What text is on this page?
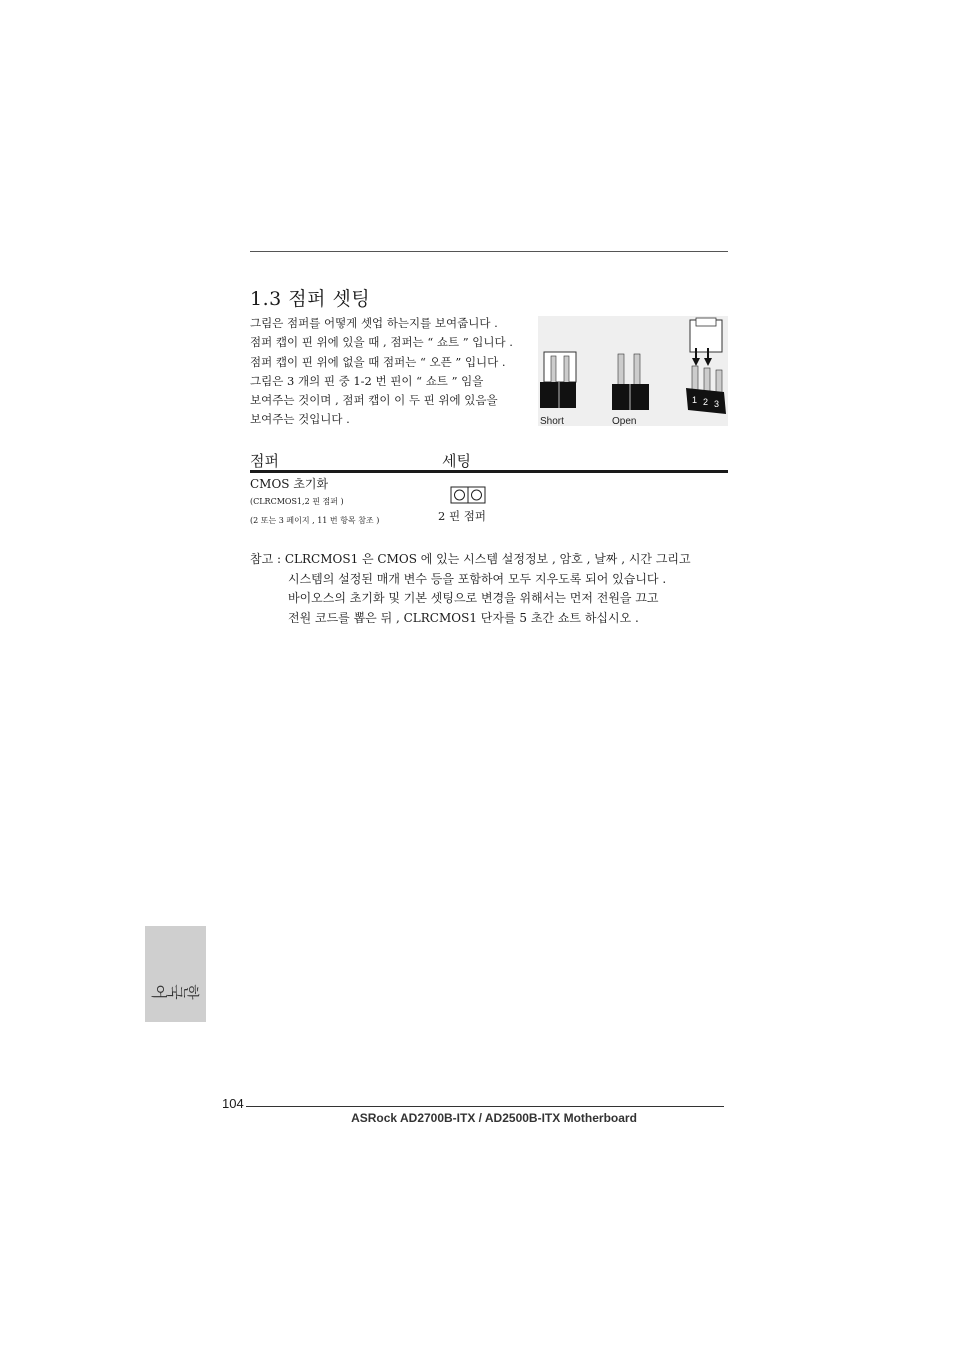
1.3 점퍼 셋팅

그림은 점퍼를 어떻게 셋업 하는지를 보여줍니다 .

점퍼 캡이 핀 위에 있을 때 , 점퍼는 “ 쇼트 ” 입니다 .

점퍼 캡이 핀 위에 없을 때 점퍼는 “ 오픈 ” 입니다 .

그림은 3 개의 핀 중 1-2 번 핀이 “ 쇼트 ” 임을

보여주는 것이며 , 점퍼 캡이 이 두 핀 위에 있음을

보여주는 것입니다 .	Short	Open
1 2 3
점퍼	세팅
CMOS 초기화
(CLRCMOS1,2 핀 점퍼 )
(2 또는 3 페이지 , 11 번 항목 참조 )	2 핀 점퍼

참고 : CLRCMOS1 은 CMOS 에 있는 시스템 설정정보 , 암호 , 날짜 , 시간 그리고

시스템의 설정된 매개 변수 등을 포함하여 모두 지우도록 되어 있습니다 .

바이오스의 초기화 및 기본 셋팅으로 변경을 위해서는 먼저 전원을 끄고

전원 코드를 뽑은 뒤 , CLRCMOS1 단자를 5 초간 쇼트 하십시오 .

한국어
104
ASRock AD2700B-ITX / AD2500B-ITX Motherboard
